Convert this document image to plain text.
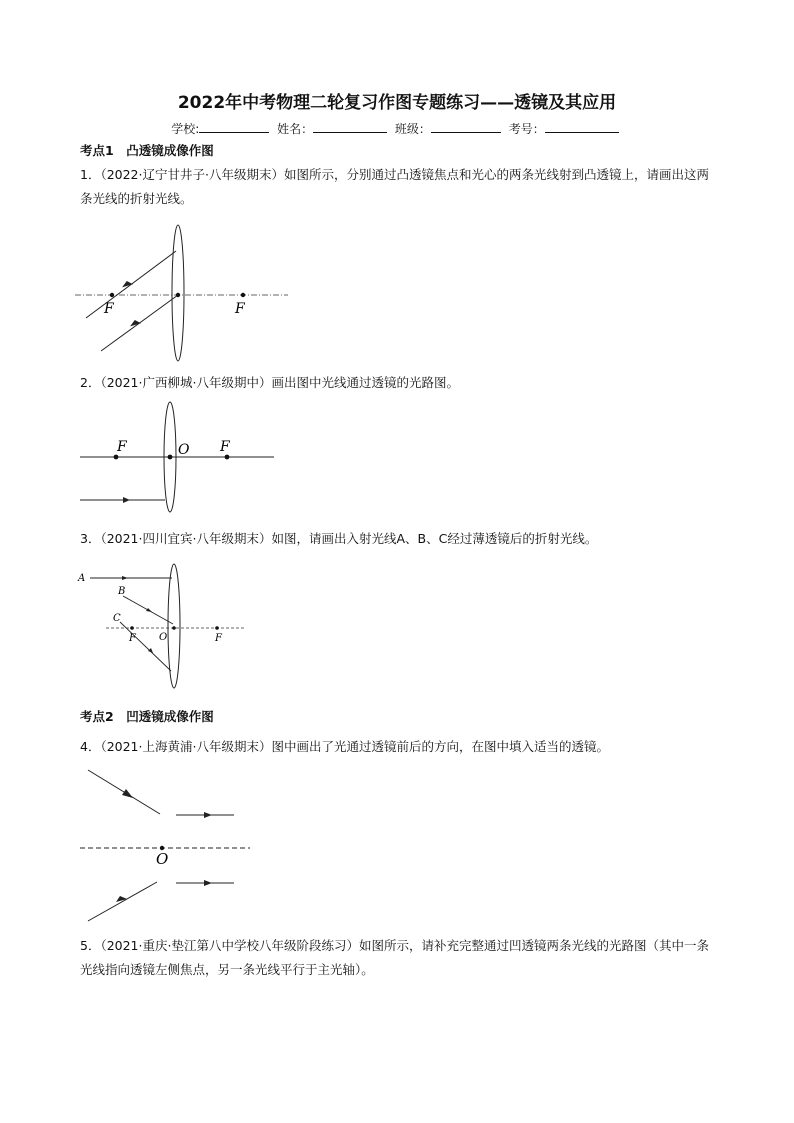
2022年中考物理二轮复习作图专题练习——透镜及其应用
学校:	姓名：	班级：	考号：
考点1　凸透镜成像作图
1．（2022·辽宁甘井子·八年级期末）如图所示，分别通过凸透镜焦点和光心的两条光线射到凸透镜上，请画出这两条光线的折射光线。
F	F
2．（2021·广西柳城·八年级期中）画出图中光线通过透镜的光路图。
F	O F
3．（2021·四川宜宾·八年级期末）如图，请画出入射光线A、B、C经过薄透镜后的折射光线。
A
B
C
F O	F
考点2　凹透镜成像作图
4．（2021·上海黄浦·八年级期末）图中画出了光通过透镜前后的方向，在图中填入适当的透镜。
O
5．（2021·重庆·垫江第八中学校八年级阶段练习）如图所示，请补充完整通过凹透镜两条光线的光路图（其中一条光线指向透镜左侧焦点，另一条光线平行于主光轴）。
